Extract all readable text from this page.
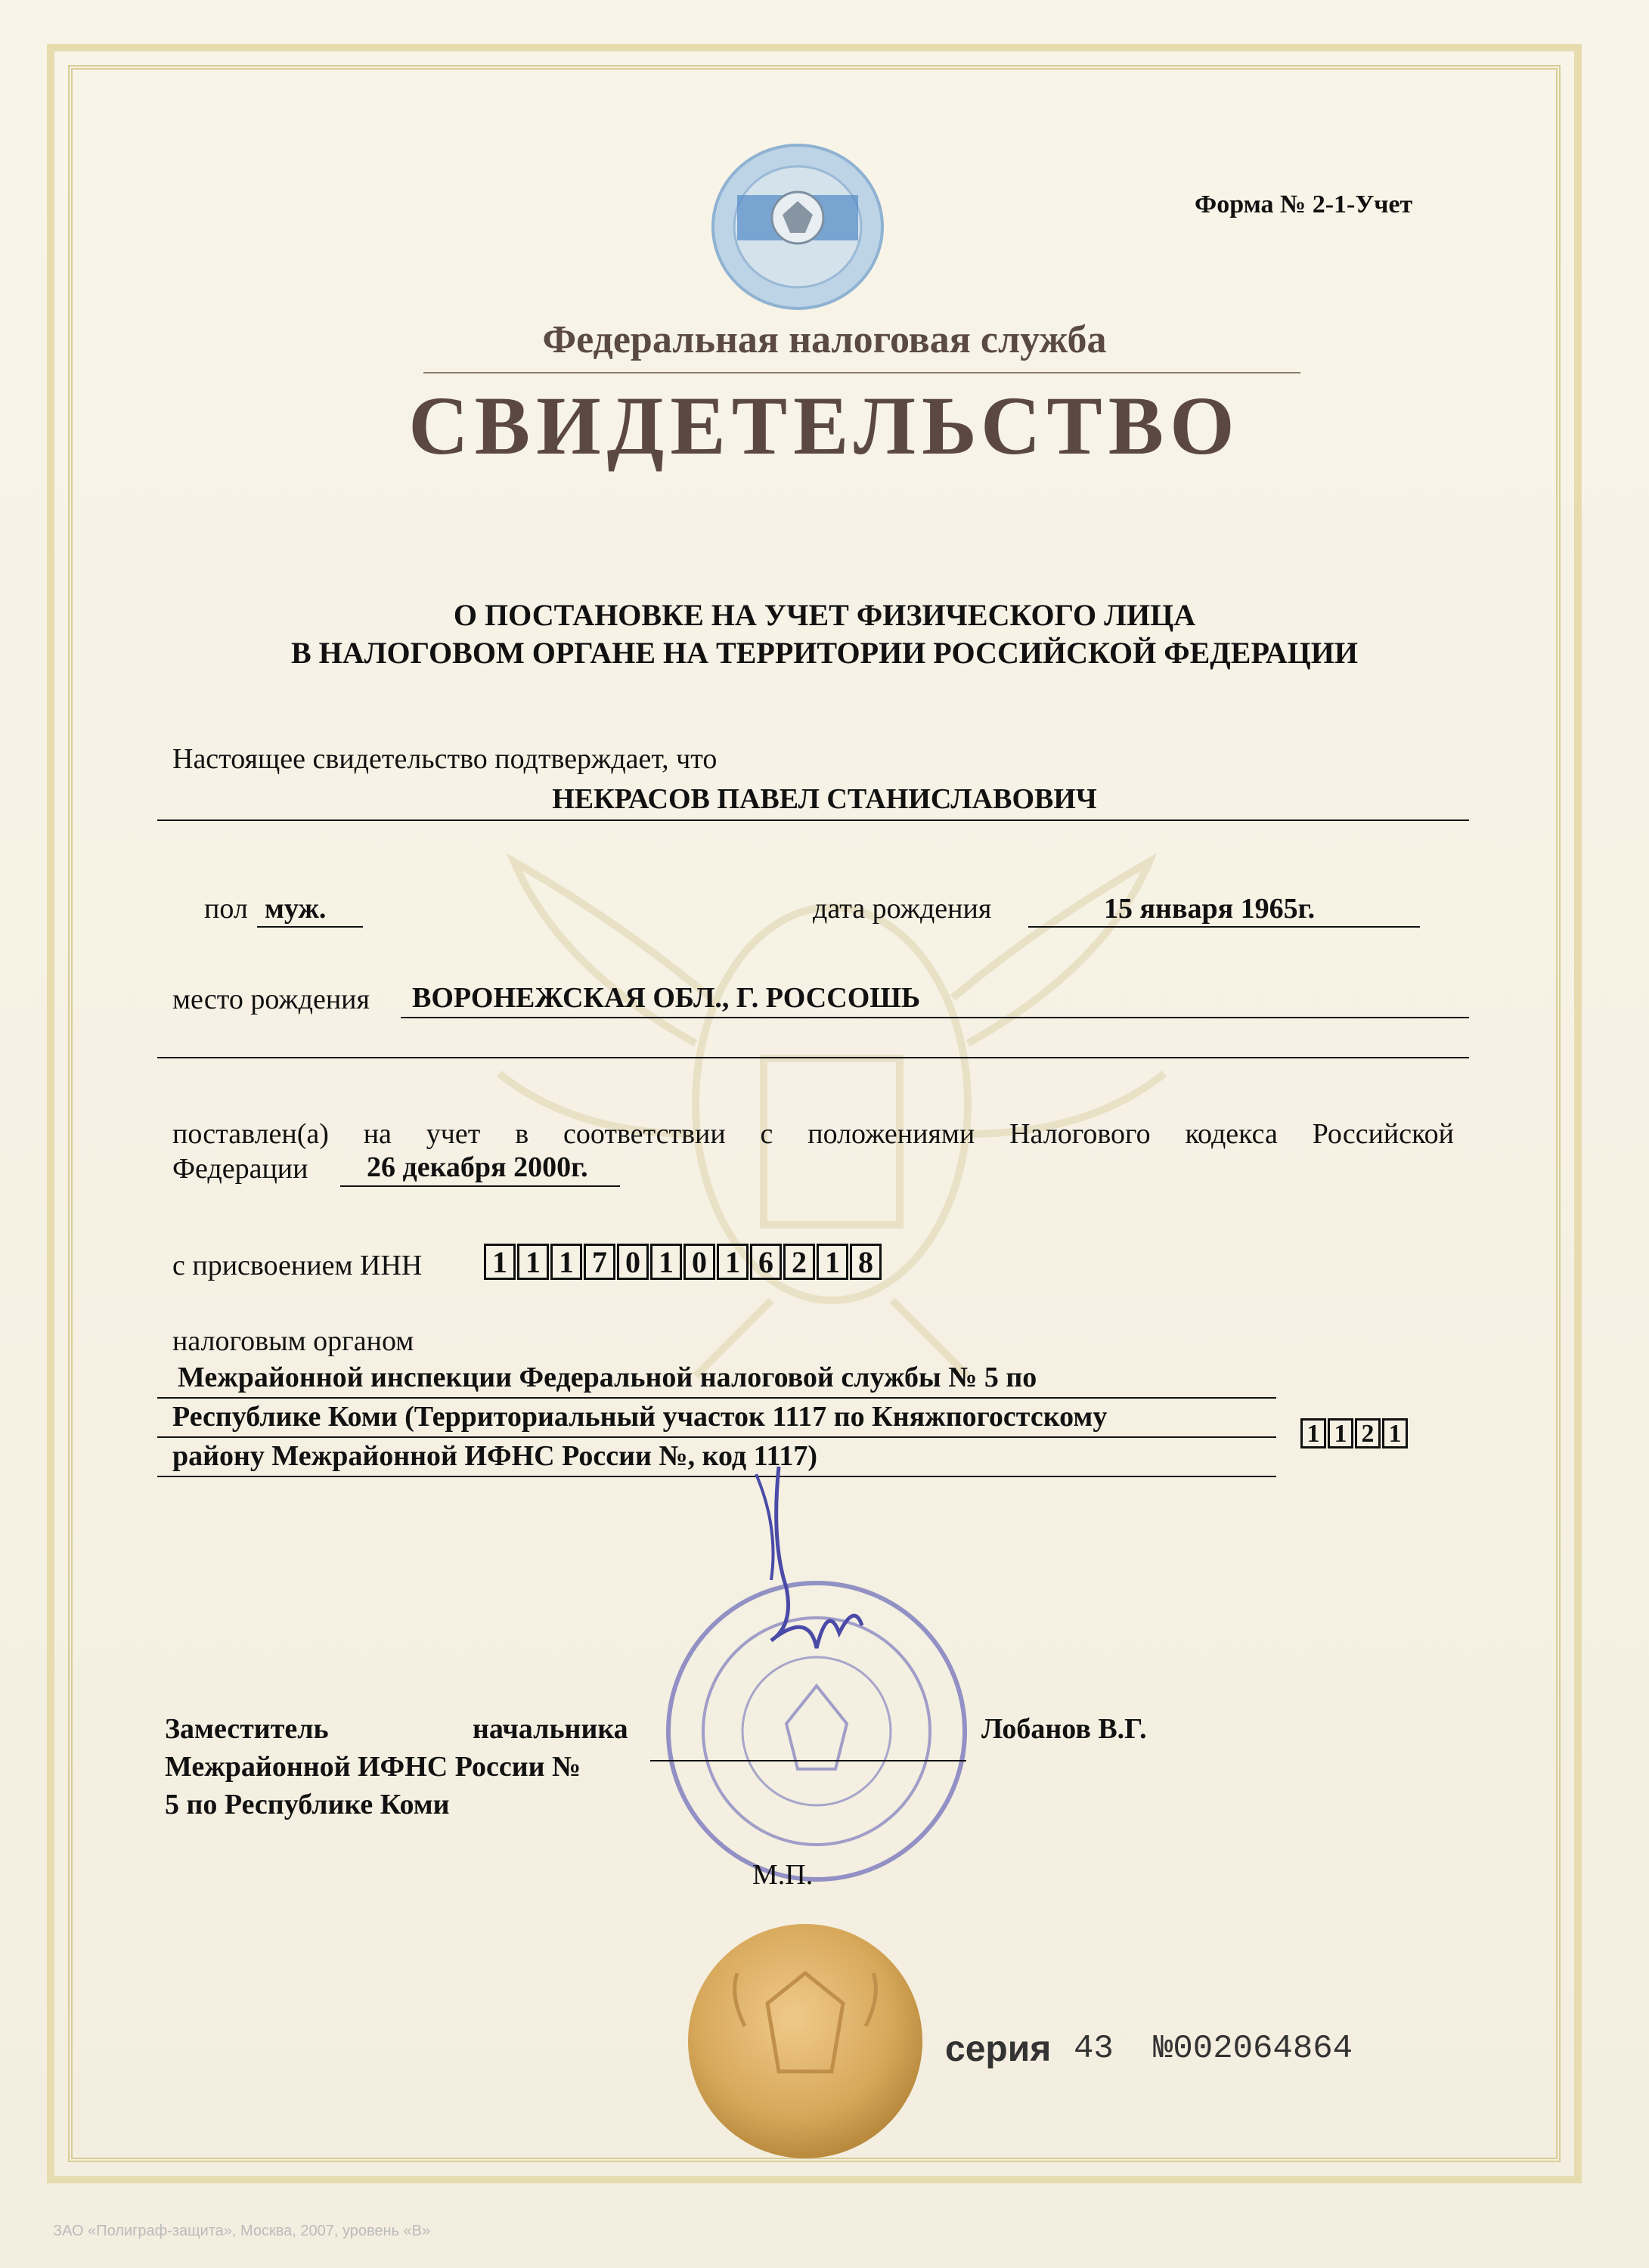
Форма № 2-1-Учет
Федеральная налоговая служба
СВИДЕТЕЛЬСТВО
О ПОСТАНОВКЕ НА УЧЕТ ФИЗИЧЕСКОГО ЛИЦА
В НАЛОГОВОМ ОРГАНЕ НА ТЕРРИТОРИИ РОССИЙСКОЙ ФЕДЕРАЦИИ
Настоящее свидетельство подтверждает, что
НЕКРАСОВ ПАВЕЛ СТАНИСЛАВОВИЧ
пол муж.	дата рождения	15 января 1965г.
место рождения ВОРОНЕЖСКАЯ ОБЛ., Г. РОССОШЬ
поставлен(а) на учет в соответствии с положениями Налогового кодекса Российской
Федерации 26 декабря 2000г.
с присвоением ИНН 1 1 1 7 0 1 0 1 6 2 1 8
налоговым органом
Межрайонной инспекции Федеральной налоговой службы № 5 по
Республике Коми (Территориальный участок 1117 по Княжпогостскому
району Межрайонной ИФНС России №, код 1117)
1 1 2 1
Заместитель	начальника
Межрайонной ИФНС России №
5 по Республике Коми
Лобанов В.Г.
М.П.
серия 43 №002064864
ЗАО «Полиграф-защита», Москва, 2007, уровень «В»
